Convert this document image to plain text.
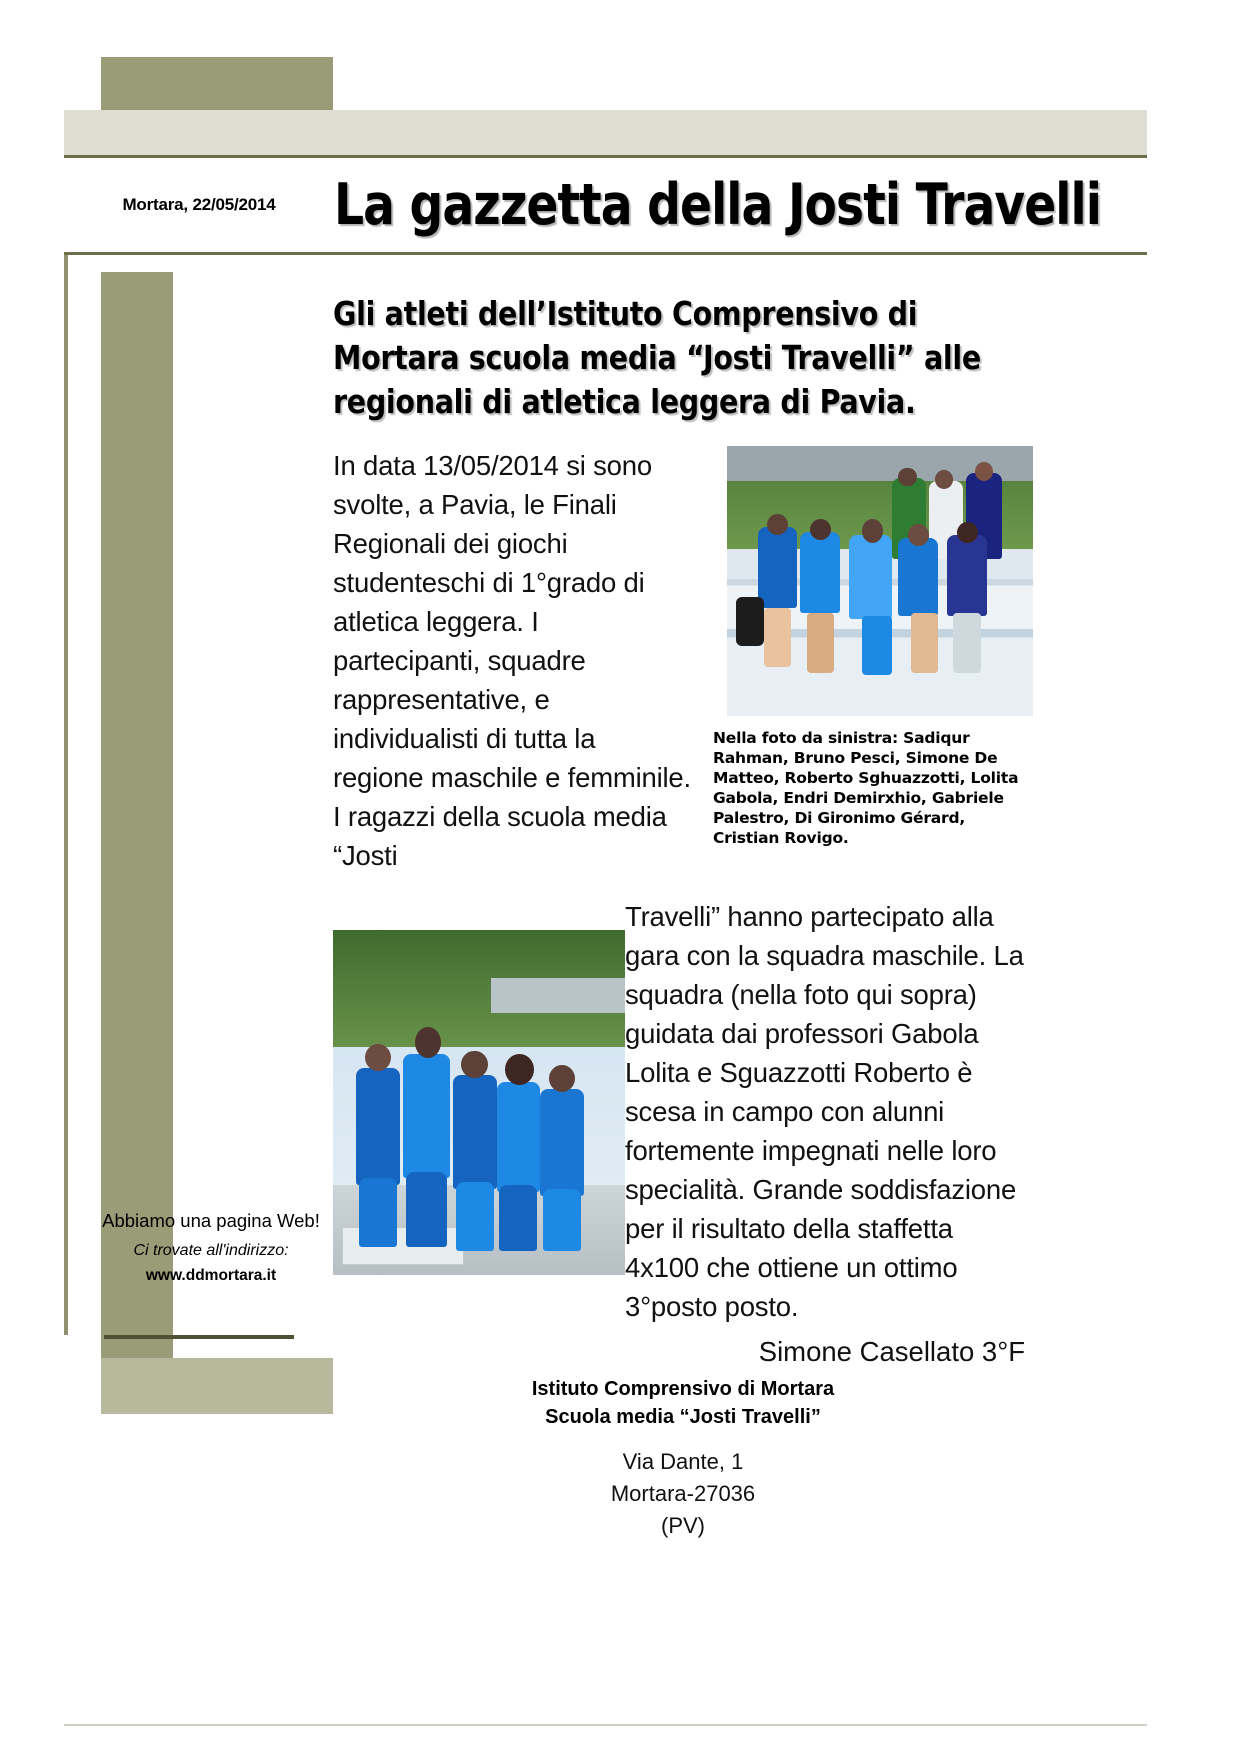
Mortara, 22/05/2014	La gazzetta della Josti Travelli
Gli atleti dell’Istituto Comprensivo di Mortara scuola media “Josti Travelli” alle regionali di atletica leggera di Pavia.
In data 13/05/2014 si sono svolte, a Pavia, le Finali Regionali dei giochi studenteschi di 1°grado di atletica leggera. I partecipanti, squadre rappresentative, e individualisti di tutta la regione maschile e femminile. I ragazzi della scuola media “Josti
Nella foto da sinistra: Sadiqur Rahman, Bruno Pesci, Simone De Matteo, Roberto Sghuazzotti, Lolita Gabola, Endri Demirxhio, Gabriele Palestro, Di Gironimo Gérard, Cristian Rovigo.
Travelli” hanno partecipato alla gara con la squadra maschile. La squadra (nella foto qui sopra) guidata dai professori Gabola Lolita e Sguazzotti Roberto è scesa in campo con alunni fortemente impegnati nelle loro specialità. Grande soddisfazione per il risultato della staffetta 4x100 che ottiene un ottimo 3°posto posto.
Simone Casellato 3°F
Abbiamo una pagina Web!
Ci trovate all'indirizzo:
www.ddmortara.it
Istituto Comprensivo di Mortara
Scuola media “Josti Travelli”
Via Dante, 1
Mortara-27036
(PV)
